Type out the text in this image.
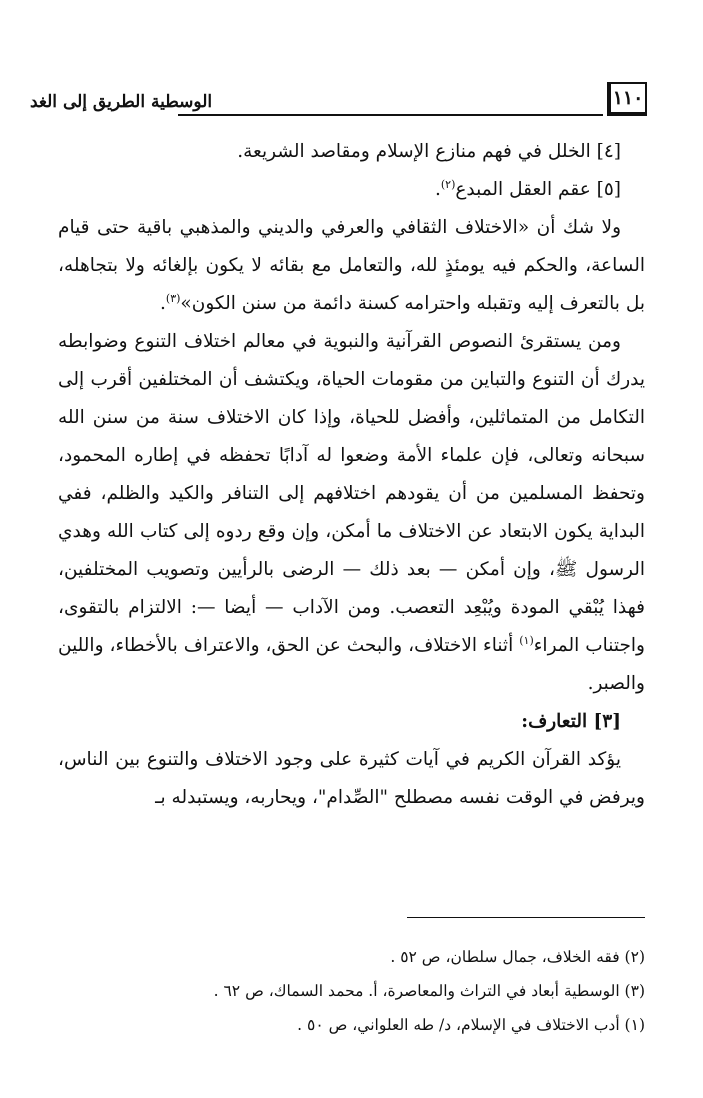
١١٠
الوسطية الطريق إلى الغد

[٤] الخلل في فهم منازع الإسلام ومقاصد الشريعة.

[٥] عقم العقل المبدع$^{(٢)}$.

ولا شك أن «الاختلاف الثقافي والعرفي والديني والمذهبي باقية حتى قيام الساعة، والحكم فيه يومئذٍ لله، والتعامل مع بقائه لا يكون بإلغائه ولا بتجاهله، بل بالتعرف إليه وتقبله واحترامه كسنة دائمة من سنن الكون»$^{(٣)}$.

ومن يستقرئ النصوص القرآنية والنبوية في معالم اختلاف التنوع وضوابطه يدرك أن التنوع والتباين من مقومات الحياة، ويكتشف أن المختلفين أقرب إلى التكامل من المتماثلين، وأفضل للحياة، وإذا كان الاختلاف سنة من سنن الله سبحانه وتعالى، فإن علماء الأمة وضعوا له آدابًا تحفظه في إطاره المحمود، وتحفظ المسلمين من أن يقودهم اختلافهم إلى التنافر والكيد والظلم، ففي البداية يكون الابتعاد عن الاختلاف ما أمكن، وإن وقع ردوه إلى كتاب الله وهدي الرسول ﷺ، وإن أمكن — بعد ذلك — الرضى بالرأيين وتصويب المختلفين، فهذا يُبْقي المودة ويُبْعِد التعصب. ومن الآداب — أيضا —: الالتزام بالتقوى، واجتناب المراء$^{(١)}$ أثناء الاختلاف، والبحث عن الحق، والاعتراف بالأخطاء، واللين والصبر.

[٣] التعارف:

يؤكد القرآن الكريم في آيات كثيرة على وجود الاختلاف والتنوع بين الناس، ويرفض في الوقت نفسه مصطلح "الصِّدام"، ويحاربه، ويستبدله بـ

(٢) فقه الخلاف، جمال سلطان، ص ٥٢ .

(٣) الوسطية أبعاد في التراث والمعاصرة، أ. محمد السماك، ص ٦٢ .

(١) أدب الاختلاف في الإسلام، د/ طه العلواني، ص ٥٠ .
